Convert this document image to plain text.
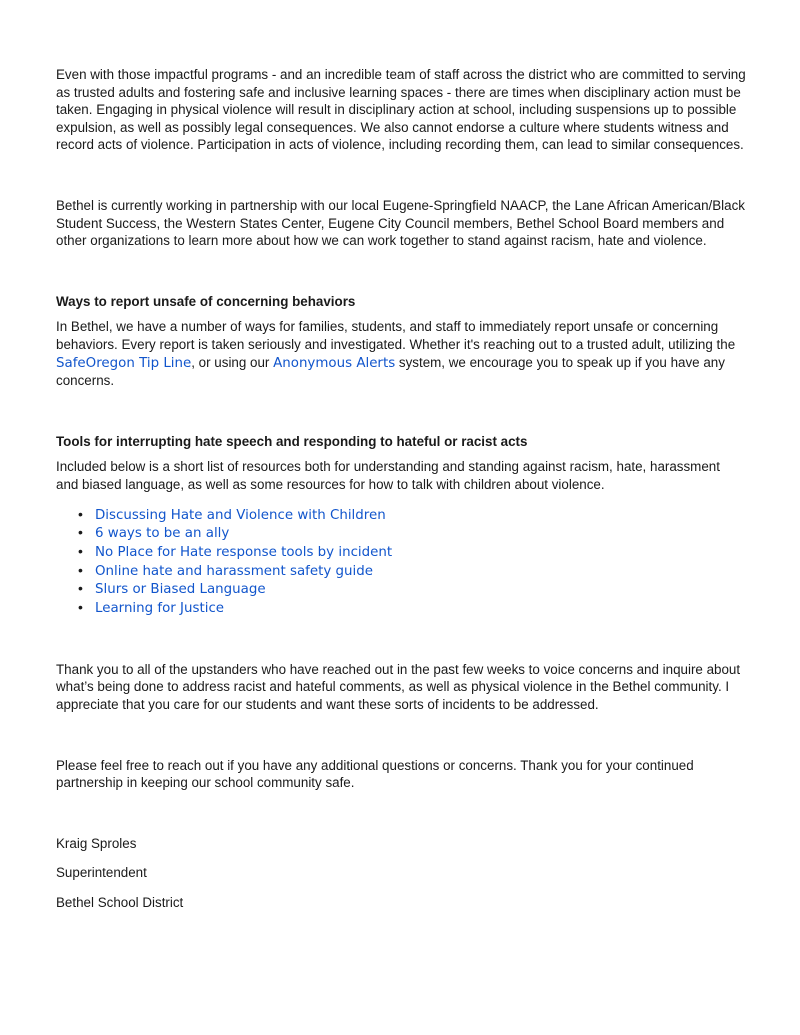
Even with those impactful programs - and an incredible team of staff across the district who are committed to serving as trusted adults and fostering safe and inclusive learning spaces - there are times when disciplinary action must be taken. Engaging in physical violence will result in disciplinary action at school, including suspensions up to possible expulsion, as well as possibly legal consequences. We also cannot endorse a culture where students witness and record acts of violence. Participation in acts of violence, including recording them, can lead to similar consequences.

Bethel is currently working in partnership with our local Eugene-Springfield NAACP, the Lane African American/Black Student Success, the Western States Center, Eugene City Council members, Bethel School Board members and other organizations to learn more about how we can work together to stand against racism, hate and violence.

Ways to report unsafe of concerning behaviors

In Bethel, we have a number of ways for families, students, and staff to immediately report unsafe or concerning behaviors. Every report is taken seriously and investigated. Whether it's reaching out to a trusted adult, utilizing the SafeOregon Tip Line, or using our Anonymous Alerts system, we encourage you to speak up if you have any concerns.

Tools for interrupting hate speech and responding to hateful or racist acts

Included below is a short list of resources both for understanding and standing against racism, hate, harassment and biased language, as well as some resources for how to talk with children about violence.

• Discussing Hate and Violence with Children
• 6 ways to be an ally
• No Place for Hate response tools by incident
• Online hate and harassment safety guide
• Slurs or Biased Language
• Learning for Justice

Thank you to all of the upstanders who have reached out in the past few weeks to voice concerns and inquire about what’s being done to address racist and hateful comments, as well as physical violence in the Bethel community. I appreciate that you care for our students and want these sorts of incidents to be addressed.

Please feel free to reach out if you have any additional questions or concerns. Thank you for your continued partnership in keeping our school community safe.

Kraig Sproles

Superintendent

Bethel School District
